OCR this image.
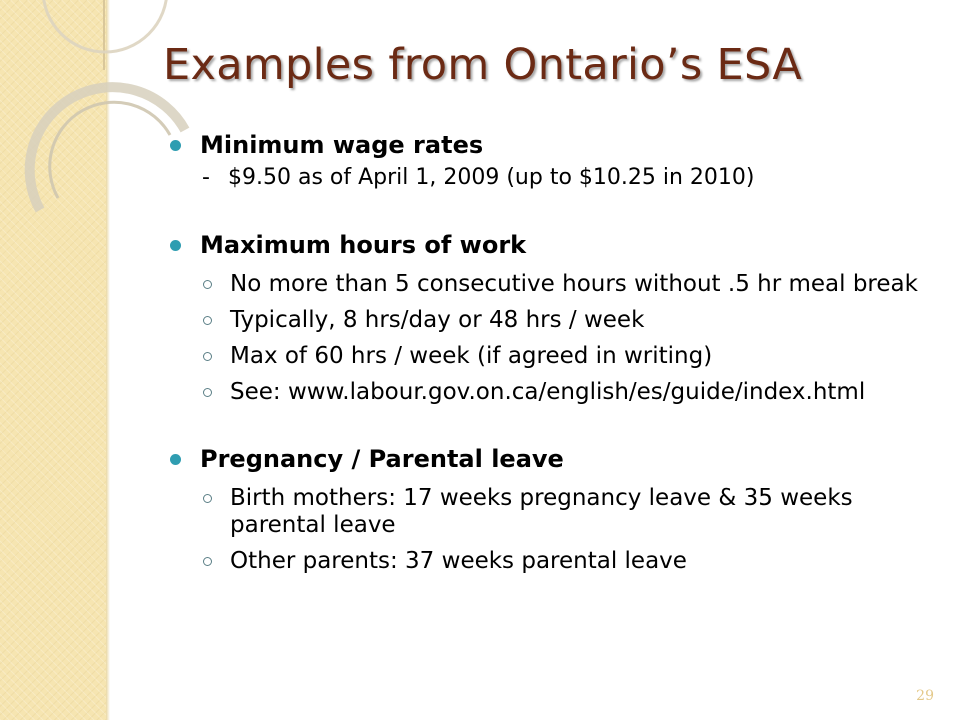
Examples from Ontario’s ESA
Minimum wage rates
- $9.50 as of April 1, 2009 (up to $10.25 in 2010)
Maximum hours of work
No more than 5 consecutive hours without .5 hr meal break
Typically, 8 hrs/day or 48 hrs / week
Max of 60 hrs / week (if agreed in writing)
See: www.labour.gov.on.ca/english/es/guide/index.html
Pregnancy / Parental leave
Birth mothers: 17 weeks pregnancy leave & 35 weeks parental leave
Other parents: 37 weeks parental leave
29
